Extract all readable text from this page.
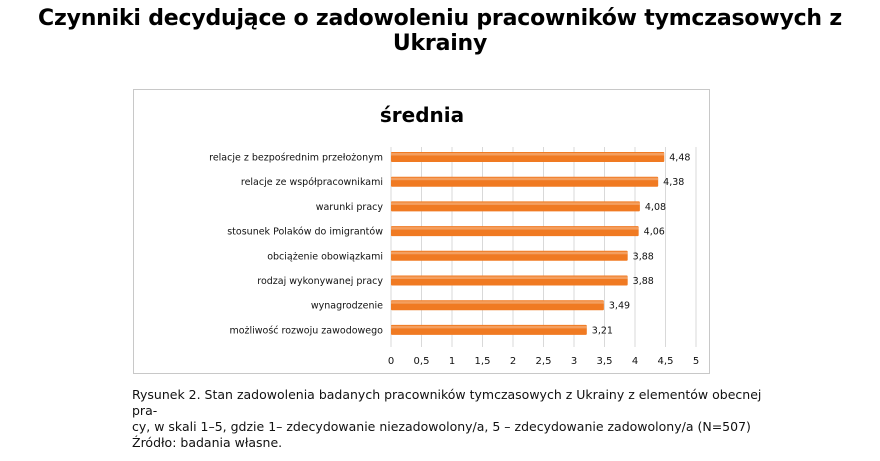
Czynniki decydujące o zadowoleniu pracowników tymczasowych z Ukrainy
średnia
relacje z bezpośrednim przełożonym
relacje ze współpracownikami
warunki pracy
stosunek Polaków do imigrantów
obciążenie obowiązkami
rodzaj wykonywanej pracy
wynagrodzenie
możliwość rozwoju zawodowego
4,48
4,38
4,08
4,06
3,88
3,88
3,49
3,21
0 0,5 1 1,5 2 2,5 3 3,5 4 4,5 5

Rysunek 2. Stan zadowolenia badanych pracowników tymczasowych z Ukrainy z elementów obecnej pra-

cy, w skali 1–5, gdzie 1– zdecydowanie niezadowolony/a, 5 – zdecydowanie zadowolony/a (N=507)

Źródło: badania własne.
